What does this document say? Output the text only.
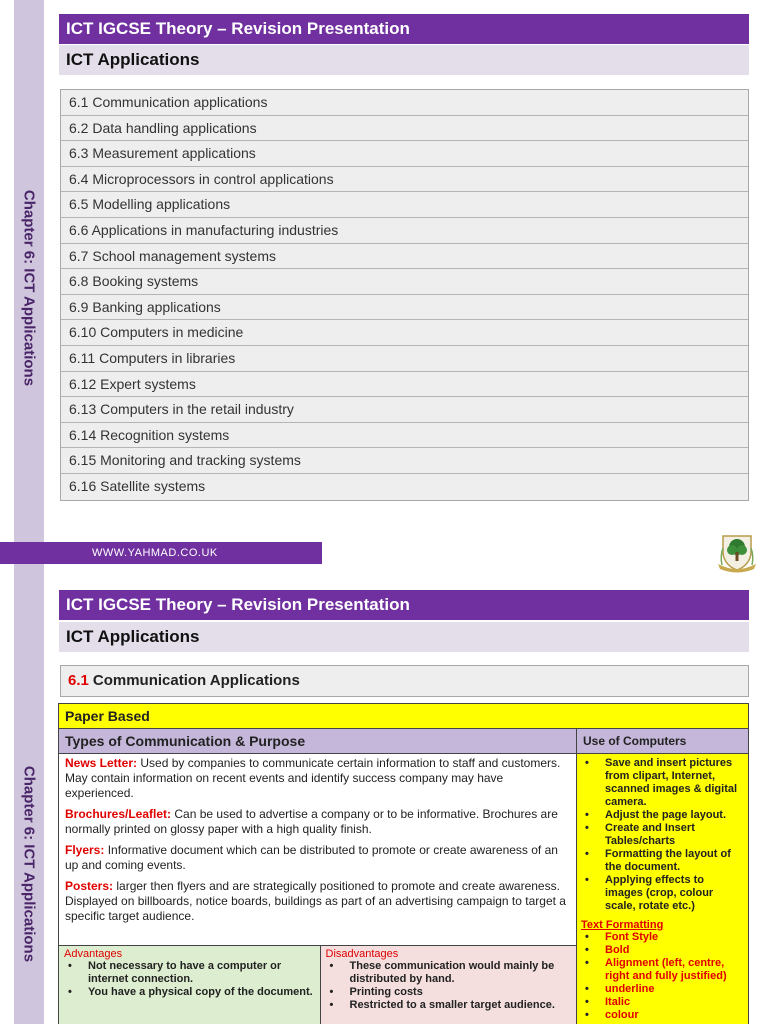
Chapter 6: ICT Applications
ICT IGCSE Theory – Revision Presentation
ICT Applications
6.1 Communication applications
6.2 Data handling applications
6.3 Measurement applications
6.4 Microprocessors in control applications
6.5 Modelling applications
6.6 Applications in manufacturing industries
6.7 School management systems
6.8 Booking systems
6.9 Banking applications
6.10 Computers in medicine
6.11 Computers in libraries
6.12 Expert systems
6.13 Computers in the retail industry
6.14 Recognition systems
6.15 Monitoring and tracking systems
6.16 Satellite systems
WWW.YAHMAD.CO.UK
Chapter 6: ICT Applications
ICT IGCSE Theory – Revision Presentation
ICT Applications
6.1 Communication Applications
Paper Based
Types of Communication & Purpose

News Letter: Used by companies to communicate certain information to staff and customers. May contain information on recent events and identify success company may have experienced.

Brochures/Leaflet: Can be used to advertise a company or to be informative. Brochures are normally printed on glossy paper with a high quality finish.

Flyers: Informative document which can be distributed to promote or create awareness of an up and coming events.

Posters: larger then flyers and are strategically positioned to promote and create awareness. Displayed on billboards, notice boards, buildings as part of an advertising campaign to target a specific target audience.

Advantages
• Not necessary to have a computer or internet connection.
• You have a physical copy of the document.
Disadvantages
• These communication would mainly be distributed by hand.
• Printing costs
• Restricted to a smaller target audience.
Use of Computers
• Save and insert pictures from clipart, Internet, scanned images & digital camera.
• Adjust the page layout.
• Create and Insert Tables/charts
• Formatting the layout of the document.
• Applying effects to images (crop, colour scale, rotate etc.)
Text Formatting
• Font Style
• Bold
• Alignment (left, centre, right and fully justified)
• underline
• Italic
• colour
